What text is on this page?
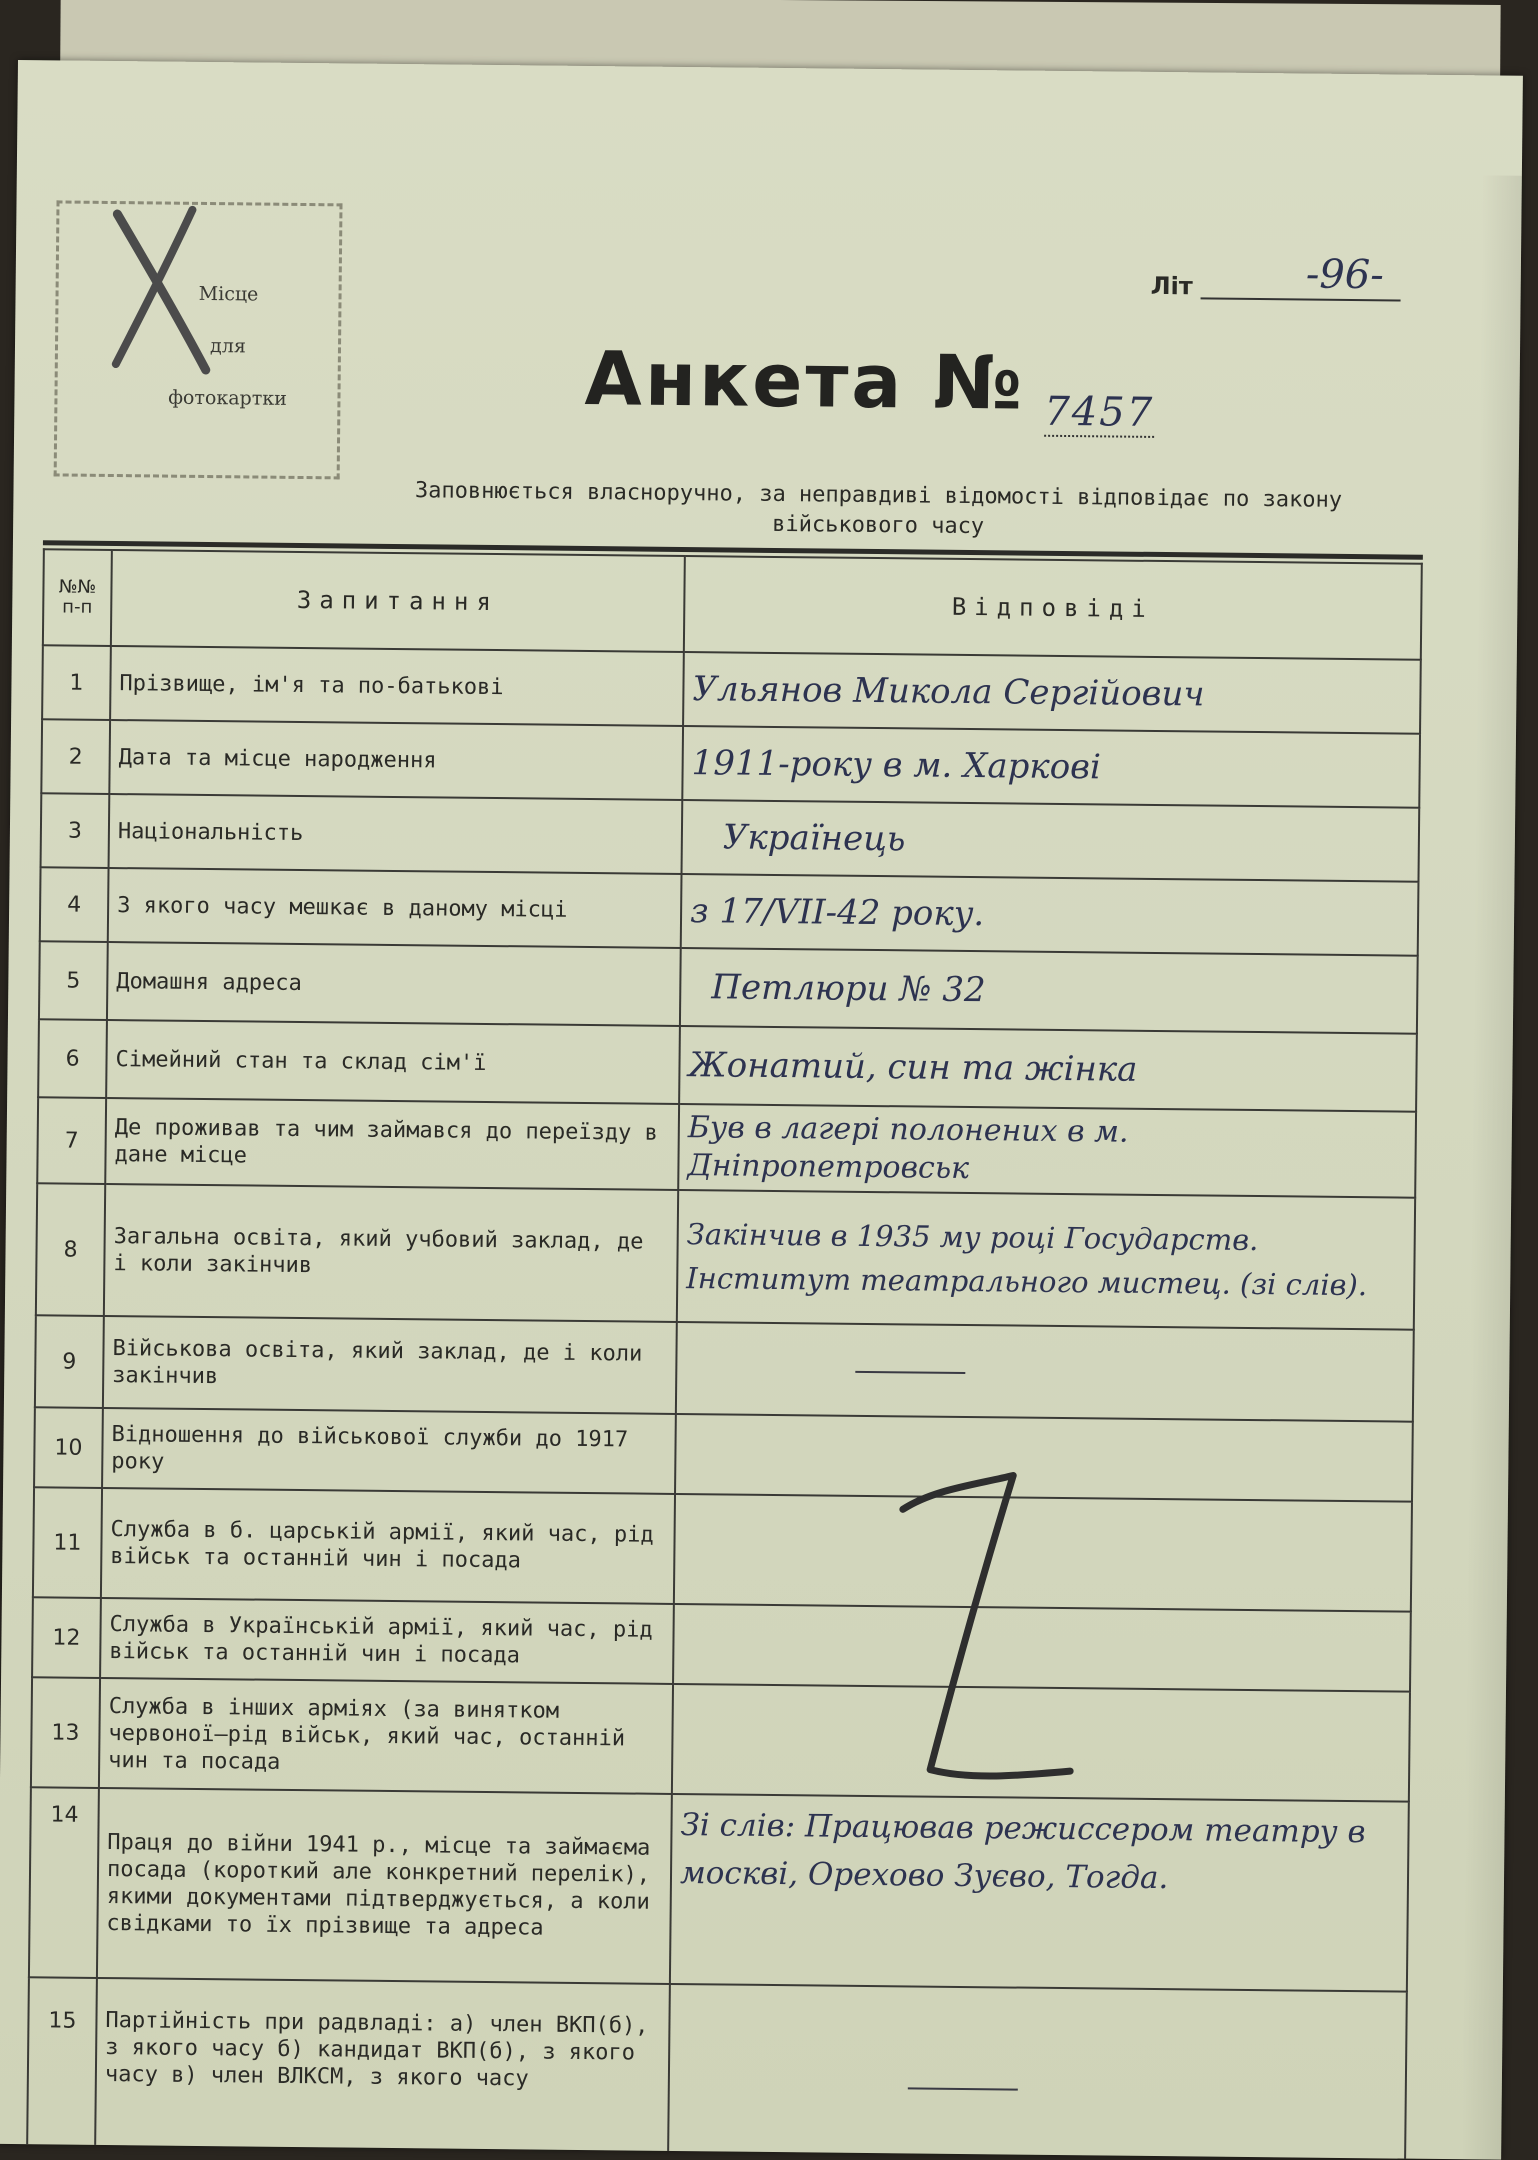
Місце
для
фотокартки
Літ	-96-
Анкета № 7457
Заповнюється власноручно, за неправдиві відомості відповідає по закону
військового часу
№№ п-п	Запитання	Відповіді
1	Прізвище, ім'я та по-батькові	Ульянов Микола Сергійович
2	Дата та місце народження	1911-року в м. Харкові
3	Національність	Українець
4	З якого часу мешкає в даному місці	з 17/VII-42 року.
5	Домашня адреса	Петлюри № 32
6	Сімейний стан та склад сім'ї	Жонатий, син та жінка
7	Де проживав та чим займався до переїзду в дане місце	Був в лагері полонених в м. Дніпропетровськ
8	Загальна освіта, який учбовий заклад, де і коли закінчив	Закінчив в 1935 му році Государств. Інститут театрального мистец. (зі слів).
9	Військова освіта, який заклад, де і коли закінчив	
10	Відношення до військової служби до 1917 року	
11	Служба в б. царській армії, який час, рід військ та останній чин і посада	
12	Служба в Українській армії, який час, рід військ та останній чин і посада	
13	Служба в інших арміях (за винятком червоної—рід військ, який час, останній чин та посада	
14	Праця до війни 1941 р., місце та займаєма посада (короткий але конкретний перелік), якими документами підтверджується, а коли свідками то їх прізвище та адреса	Зі слів: Працював режиссером театру в москві, Орехово Зуєво, Тогда.
15	Партійність при радвладі: а) член ВКП(б), з якого часу б) кандидат ВКП(б), з якого часу в) член ВЛКСМ, з якого часу	
